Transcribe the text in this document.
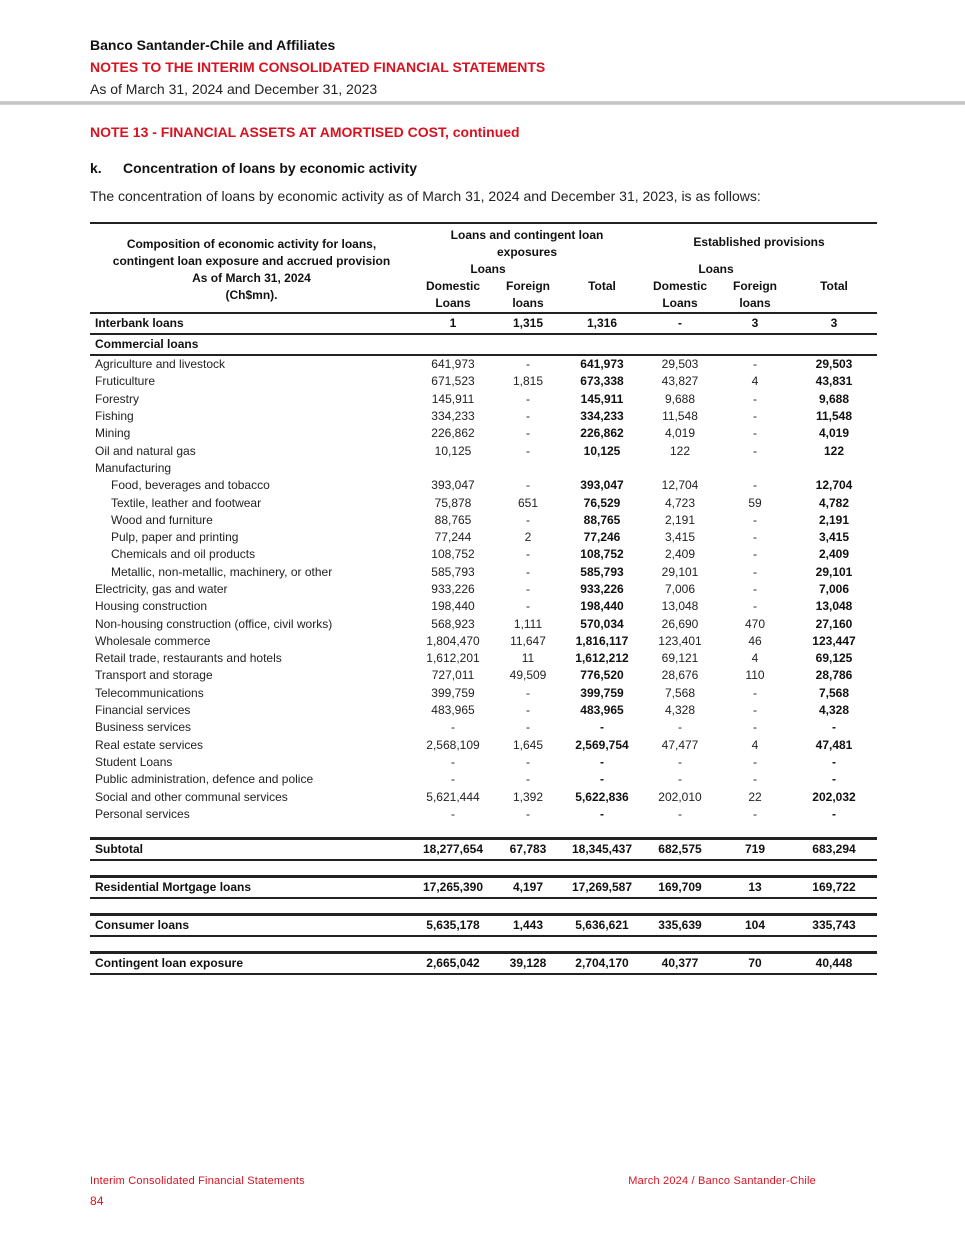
Banco Santander-Chile and Affiliates
NOTES TO THE INTERIM CONSOLIDATED FINANCIAL STATEMENTS
As of March 31, 2024 and December 31, 2023
NOTE 13 - FINANCIAL ASSETS AT AMORTISED COST, continued
k. Concentration of loans by economic activity
The concentration of loans by economic activity as of March 31, 2024 and December 31, 2023, is as follows:
Composition of economic activity for loans,
contingent loan exposure and accrued provision
As of March 31, 2024
(Ch$mn).	Loans and contingent loan exposures			Established provisions		
	Loans			Loans		
	Domestic	Foreign	Total	Domestic	Foreign	Total
	Loans	loans		Loans	loans	
Interbank loans	1	1,315	1,316	-	3	3
Commercial loans						
Agriculture and livestock	641,973	-	641,973	29,503	-	29,503
Fruticulture	671,523	1,815	673,338	43,827	4	43,831
Forestry	145,911	-	145,911	9,688	-	9,688
Fishing	334,233	-	334,233	11,548	-	11,548
Mining	226,862	-	226,862	4,019	-	4,019
Oil and natural gas	10,125	-	10,125	122	-	122
Manufacturing						
Food, beverages and tobacco	393,047	-	393,047	12,704	-	12,704
Textile, leather and footwear	75,878	651	76,529	4,723	59	4,782
Wood and furniture	88,765	-	88,765	2,191	-	2,191
Pulp, paper and printing	77,244	2	77,246	3,415	-	3,415
Chemicals and oil products	108,752	-	108,752	2,409	-	2,409
Metallic, non-metallic, machinery, or other	585,793	-	585,793	29,101	-	29,101
Electricity, gas and water	933,226	-	933,226	7,006	-	7,006
Housing construction	198,440	-	198,440	13,048	-	13,048
Non-housing construction (office, civil works)	568,923	1,111	570,034	26,690	470	27,160
Wholesale commerce	1,804,470	11,647	1,816,117	123,401	46	123,447
Retail trade, restaurants and hotels	1,612,201	11	1,612,212	69,121	4	69,125
Transport and storage	727,011	49,509	776,520	28,676	110	28,786
Telecommunications	399,759	-	399,759	7,568	-	7,568
Financial services	483,965	-	483,965	4,328	-	4,328
Business services	-	-	-	-	-	-
Real estate services	2,568,109	1,645	2,569,754	47,477	4	47,481
Student Loans	-	-	-	-	-	-
Public administration, defence and police	-	-	-	-	-	-
Social and other communal services	5,621,444	1,392	5,622,836	202,010	22	202,032
Personal services	-	-	-	-	-	-

Subtotal	18,277,654	67,783	18,345,437	682,575	719	683,294

Residential Mortgage loans	17,265,390	4,197	17,269,587	169,709	13	169,722

Consumer loans	5,635,178	1,443	5,636,621	335,639	104	335,743

Contingent loan exposure	2,665,042	39,128	2,704,170	40,377	70	40,448
Interim Consolidated Financial Statements	March 2024 / Banco Santander-Chile
84
